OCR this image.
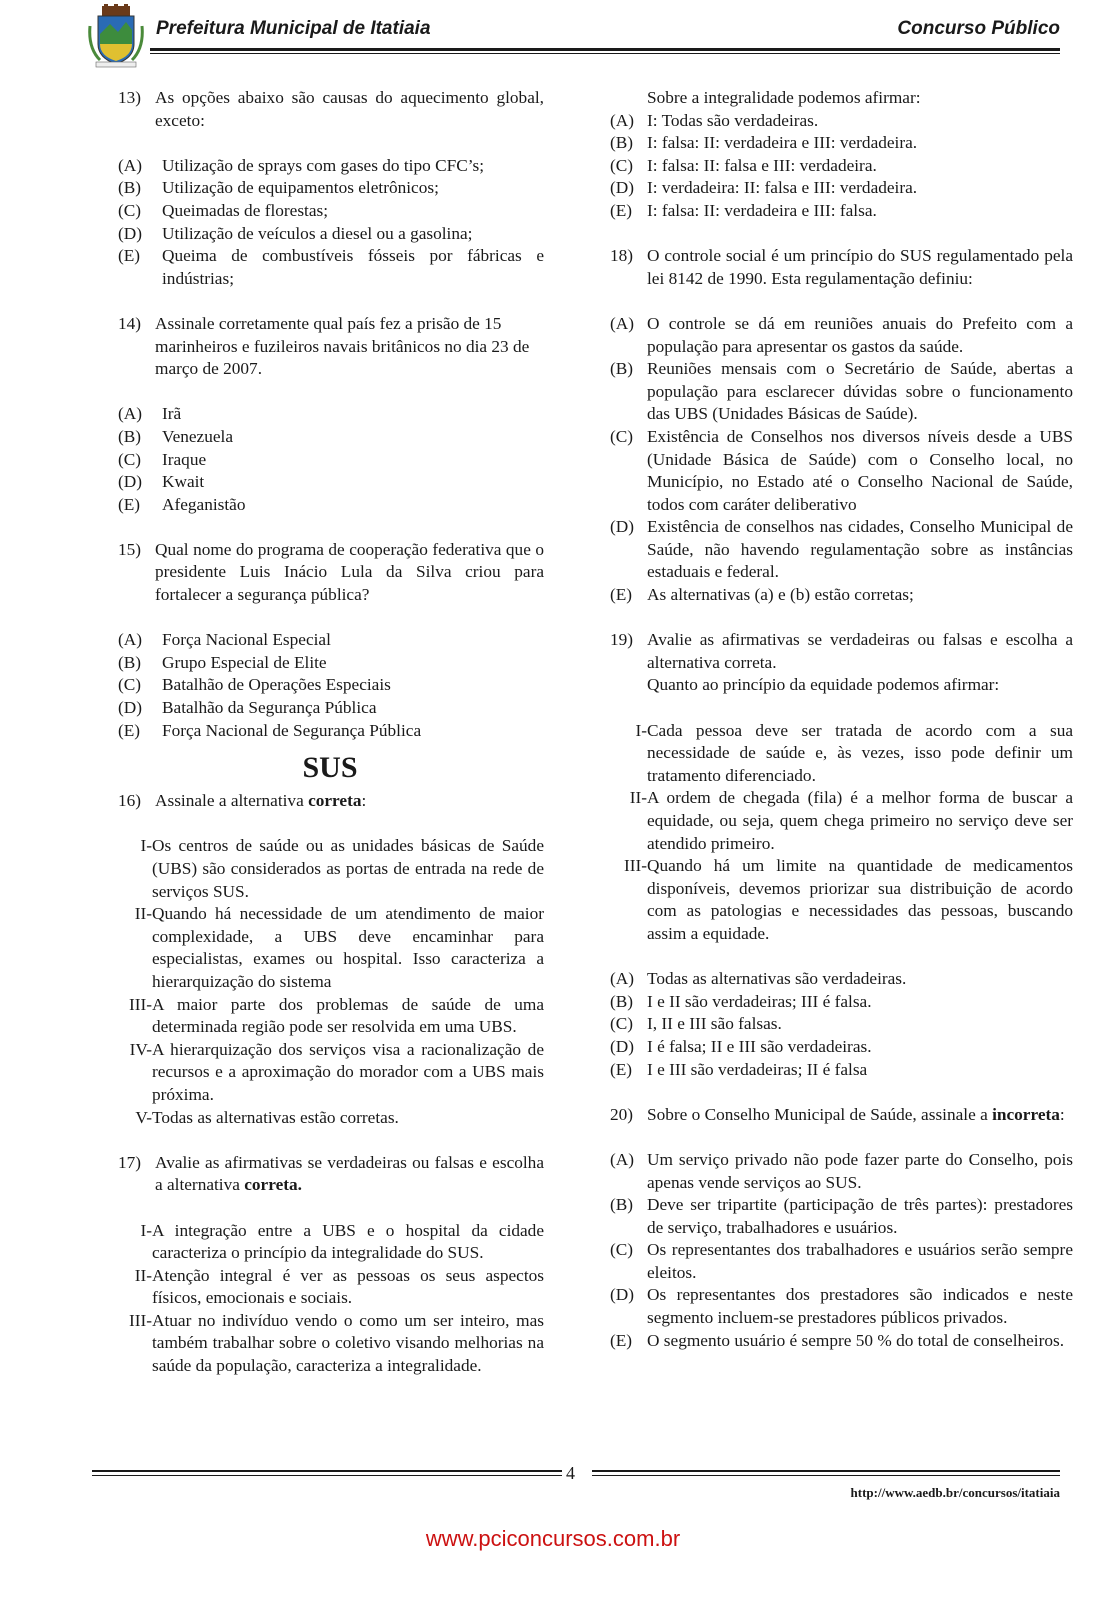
Prefeitura Municipal de Itatiaia	Concurso Público
13) As opções abaixo são causas do aquecimento global, exceto:
(A)	Utilização de sprays com gases do tipo CFC’s;
(B)	Utilização de equipamentos eletrônicos;
(C)	Queimadas de florestas;
(D)	Utilização de veículos a diesel ou a gasolina;
(E)	Queima de combustíveis fósseis por fábricas e indústrias;
14) Assinale corretamente qual país fez a prisão de 15 marinheiros e fuzileiros navais britânicos no dia 23 de março de 2007.
(A)	Irã
(B)	Venezuela
(C)	Iraque
(D)	Kwait
(E)	Afeganistão
15) Qual nome do programa de cooperação federativa que o presidente Luis Inácio Lula da Silva criou para fortalecer a segurança pública?
(A)	Força Nacional Especial
(B)	Grupo Especial de Elite
(C)	Batalhão de Operações Especiais
(D)	Batalhão da Segurança Pública
(E)	Força Nacional de Segurança Pública
SUS
16) Assinale a alternativa correta:
I- Os centros de saúde ou as unidades básicas de Saúde (UBS) são considerados as portas de entrada na rede de serviços SUS.
II- Quando há necessidade de um atendimento de maior complexidade, a UBS deve encaminhar para especialistas, exames ou hospital. Isso caracteriza a hierarquização do sistema
III- A maior parte dos problemas de saúde de uma determinada região pode ser resolvida em uma UBS.
IV- A hierarquização dos serviços visa a racionalização de recursos e a aproximação do morador com a UBS mais próxima.
V- Todas as alternativas estão corretas.
17) Avalie as afirmativas se verdadeiras ou falsas e escolha a alternativa correta.
I- A integração entre a UBS e o hospital da cidade caracteriza o princípio da integralidade do SUS.
II- Atenção integral é ver as pessoas os seus aspectos físicos, emocionais e sociais.
III- Atuar no indivíduo vendo o como um ser inteiro, mas também trabalhar sobre o coletivo visando melhorias na saúde da população, caracteriza a integralidade.
Sobre a integralidade podemos afirmar:
(A) I: Todas são verdadeiras.
(B) I: falsa: II: verdadeira e III: verdadeira.
(C) I: falsa: II: falsa e III: verdadeira.
(D) I: verdadeira: II: falsa e III: verdadeira.
(E) I: falsa: II: verdadeira e III: falsa.
18) O controle social é um princípio do SUS regulamentado pela lei 8142 de 1990. Esta regulamentação definiu:
(A) O controle se dá em reuniões anuais do Prefeito com a população para apresentar os gastos da saúde.
(B) Reuniões mensais com o Secretário de Saúde, abertas a população para esclarecer dúvidas sobre o funcionamento das UBS (Unidades Básicas de Saúde).
(C) Existência de Conselhos nos diversos níveis desde a UBS (Unidade Básica de Saúde) com o Conselho local, no Município, no Estado até o Conselho Nacional de Saúde, todos com caráter deliberativo
(D) Existência de conselhos nas cidades, Conselho Municipal de Saúde, não havendo regulamentação sobre as instâncias estaduais e federal.
(E) As alternativas (a) e (b) estão corretas;
19) Avalie as afirmativas se verdadeiras ou falsas e escolha a alternativa correta.
Quanto ao princípio da equidade podemos afirmar:
I- Cada pessoa deve ser tratada de acordo com a sua necessidade de saúde e, às vezes, isso pode definir um tratamento diferenciado.
II- A ordem de chegada (fila) é a melhor forma de buscar a equidade, ou seja, quem chega primeiro no serviço deve ser atendido primeiro.
III- Quando há um limite na quantidade de medicamentos disponíveis, devemos priorizar sua distribuição de acordo com as patologias e necessidades das pessoas, buscando assim a equidade.
(A) Todas as alternativas são verdadeiras.
(B) I e II são verdadeiras; III é falsa.
(C) I, II e III são falsas.
(D) I é falsa; II e III são verdadeiras.
(E) I e III são verdadeiras; II é falsa
20) Sobre o Conselho Municipal de Saúde, assinale a incorreta:
(A) Um serviço privado não pode fazer parte do Conselho, pois apenas vende serviços ao SUS.
(B) Deve ser tripartite (participação de três partes): prestadores de serviço, trabalhadores e usuários.
(C) Os representantes dos trabalhadores e usuários serão sempre eleitos.
(D) Os representantes dos prestadores são indicados e neste segmento incluem-se prestadores públicos privados.
(E) O segmento usuário é sempre 50 % do total de conselheiros.
4
http://www.aedb.br/concursos/itatiaia
www.pciconcursos.com.br
